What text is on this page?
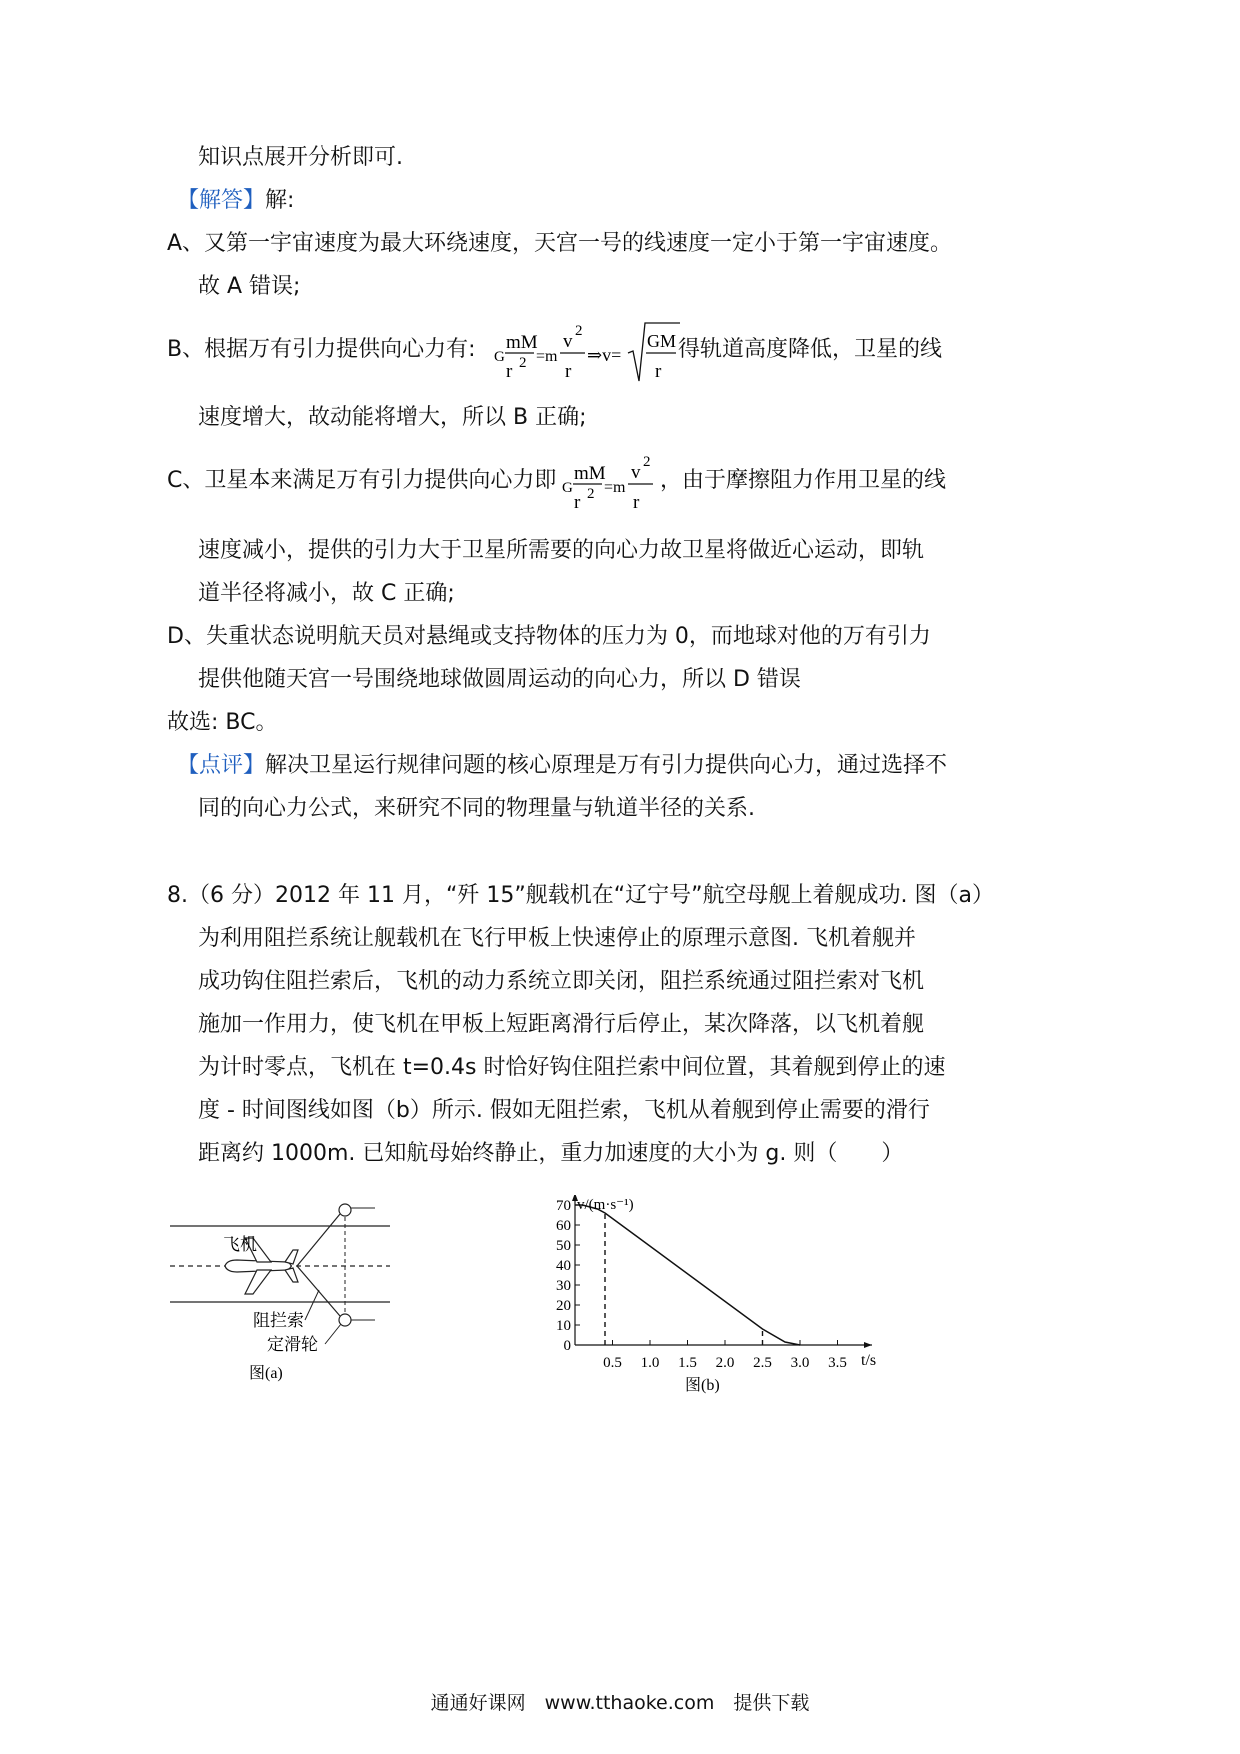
知识点展开分析即可.
【解答】解:
A、又第一宇宙速度为最大环绕速度，天宫一号的线速度一定小于第一宇宙速度。
故 A 错误;
B、根据万有引力提供向心力有: G
mM
r 2 =m
v 2
r
⇒v=
GM
r
得轨道高度降低，卫星的线
速度增大，故动能将增大，所以 B 正确;
C、卫星本来满足万有引力提供向心力即 G
mM
r 2 =m
v 2
r
，由于摩擦阻力作用卫星的线
速度减小，提供的引力大于卫星所需要的向心力故卫星将做近心运动，即轨
道半径将减小，故 C 正确;
D、失重状态说明航天员对悬绳或支持物体的压力为 0，而地球对他的万有引力
提供他随天宫一号围绕地球做圆周运动的向心力，所以 D 错误
故选: BC。
【点评】解决卫星运行规律问题的核心原理是万有引力提供向心力，通过选择不
同的向心力公式，来研究不同的物理量与轨道半径的关系.
8.（6 分）2012 年 11 月，“歼 15”舰载机在“辽宁号”航空母舰上着舰成功. 图（a）
为利用阻拦系统让舰载机在飞行甲板上快速停止的原理示意图. 飞机着舰并
成功钩住阻拦索后，飞机的动力系统立即关闭，阻拦系统通过阻拦索对飞机
施加一作用力，使飞机在甲板上短距离滑行后停止，某次降落，以飞机着舰
为计时零点，飞机在 t=0.4s 时恰好钩住阻拦索中间位置，其着舰到停止的速
度 - 时间图线如图（b）所示. 假如无阻拦索，飞机从着舰到停止需要的滑行
距离约 1000m. 已知航母始终静止，重力加速度的大小为 g. 则（　　）
飞机
阻拦索
定滑轮
图(a)
0
10
20
30
40
50
60
70
0.5 1.0 1.5 2.0 2.5 3.0 3.5
v/(m·s⁻¹)
t/s
图(b)
通通好课网　www.tthaoke.com　提供下载
